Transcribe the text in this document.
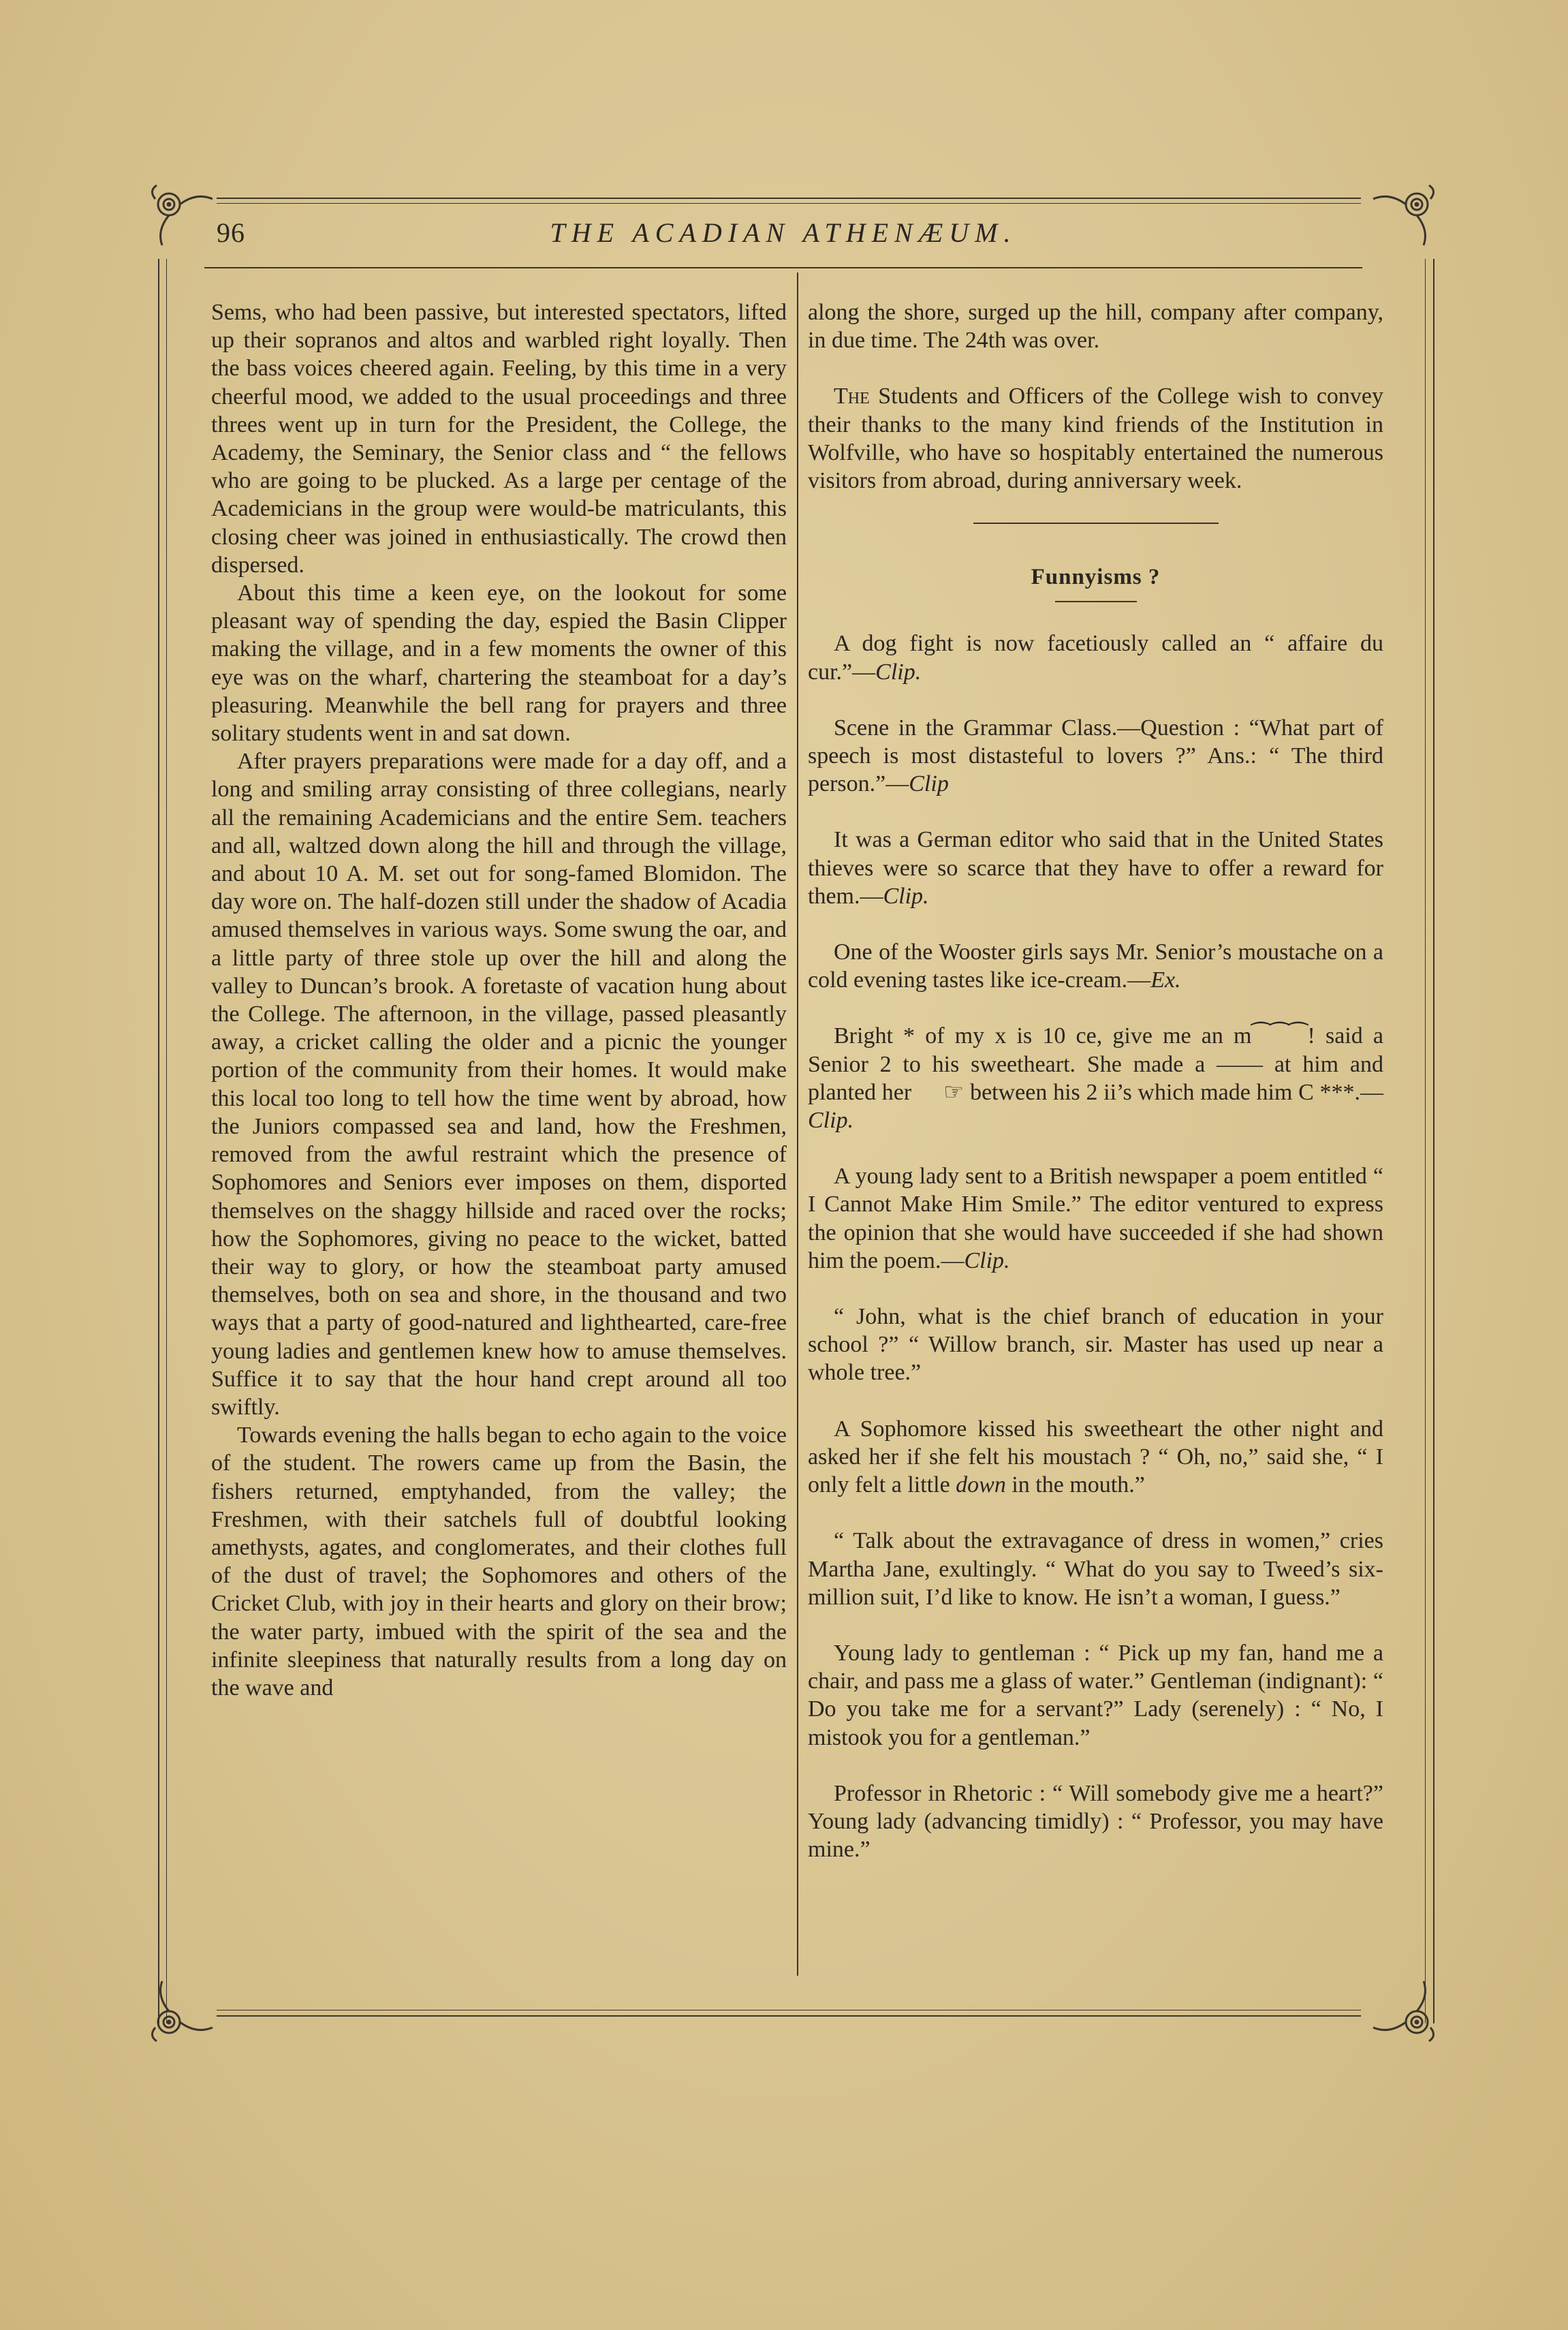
96	THE ACADIAN ATHENÆUM.

Sems, who had been passive, but interested spectators, lifted up their sopranos and altos and warbled right loyally. Then the bass voices cheered again. Feeling, by this time in a very cheerful mood, we added to the usual proceedings and three threes went up in turn for the President, the College, the Academy, the Seminary, the Senior class and “ the fellows who are going to be plucked. As a large per centage of the Academicians in the group were would-be matriculants, this closing cheer was joined in enthusiastically. The crowd then dispersed.

About this time a keen eye, on the lookout for some pleasant way of spending the day, espied the Basin Clipper making the village, and in a few moments the owner of this eye was on the wharf, chartering the steamboat for a day’s pleasuring. Meanwhile the bell rang for prayers and three solitary students went in and sat down.

After prayers preparations were made for a day off, and a long and smiling array consisting of three collegians, nearly all the remaining Academicians and the entire Sem. teachers and all, waltzed down along the hill and through the village, and about 10 A. M. set out for song-famed Blomidon. The day wore on. The half-dozen still under the shadow of Acadia amused themselves in various ways. Some swung the oar, and a little party of three stole up over the hill and along the valley to Duncan’s brook. A foretaste of vacation hung about the College. The afternoon, in the village, passed pleasantly away, a cricket calling the older and a picnic the younger portion of the community from their homes. It would make this local too long to tell how the time went by abroad, how the Juniors compassed sea and land, how the Freshmen, removed from the awful restraint which the presence of Sophomores and Seniors ever imposes on them, disported themselves on the shaggy hillside and raced over the rocks; how the Sophomores, giving no peace to the wicket, batted their way to glory, or how the steamboat party amused themselves, both on sea and shore, in the thousand and two ways that a party of good-natured and lighthearted, care-free young ladies and gentlemen knew how to amuse themselves. Suffice it to say that the hour hand crept around all too swiftly.

Towards evening the halls began to echo again to the voice of the student. The rowers came up from the Basin, the fishers returned, emptyhanded, from the valley; the Freshmen, with their satchels full of doubtful looking amethysts, agates, and conglomerates, and their clothes full of the dust of travel; the Sophomores and others of the Cricket Club, with joy in their hearts and glory on their brow; the water party, imbued with the spirit of the sea and the infinite sleepiness that naturally results from a long day on the wave and

along the shore, surged up the hill, company after company, in due time. The 24th was over.

The Students and Officers of the College wish to convey their thanks to the many kind friends of the Institution in Wolfville, who have so hospitably entertained the numerous visitors from abroad, during anniversary week.

Funnyisms ?

A dog fight is now facetiously called an “ affaire du cur.”—Clip.

Scene in the Grammar Class.—Question : “What part of speech is most distasteful to lovers ?” Ans.: “ The third person.”—Clip

It was a German editor who said that in the United States thieves were so scarce that they have to offer a reward for them.—Clip.

One of the Wooster girls says Mr. Senior’s moustache on a cold evening tastes like ice-cream.—Ex.

Bright * of my x is 10 ce, give me an m⁀⁀⁀! said a Senior 2 to his sweetheart. She made a —— at him and planted her ☞ between his 2 ii’s which made him C ***.—Clip.

A young lady sent to a British newspaper a poem entitled “ I Cannot Make Him Smile.” The editor ventured to express the opinion that she would have succeeded if she had shown him the poem.—Clip.

“ John, what is the chief branch of education in your school ?” “ Willow branch, sir. Master has used up near a whole tree.”

A Sophomore kissed his sweetheart the other night and asked her if she felt his moustach ? “ Oh, no,” said she, “ I only felt a little down in the mouth.”

“ Talk about the extravagance of dress in women,” cries Martha Jane, exultingly. “ What do you say to Tweed’s six-million suit, I’d like to know. He isn’t a woman, I guess.”

Young lady to gentleman : “ Pick up my fan, hand me a chair, and pass me a glass of water.” Gentleman (indignant): “ Do you take me for a servant?” Lady (serenely) : “ No, I mistook you for a gentleman.”

Professor in Rhetoric : “ Will somebody give me a heart?” Young lady (advancing timidly) : “ Professor, you may have mine.”
